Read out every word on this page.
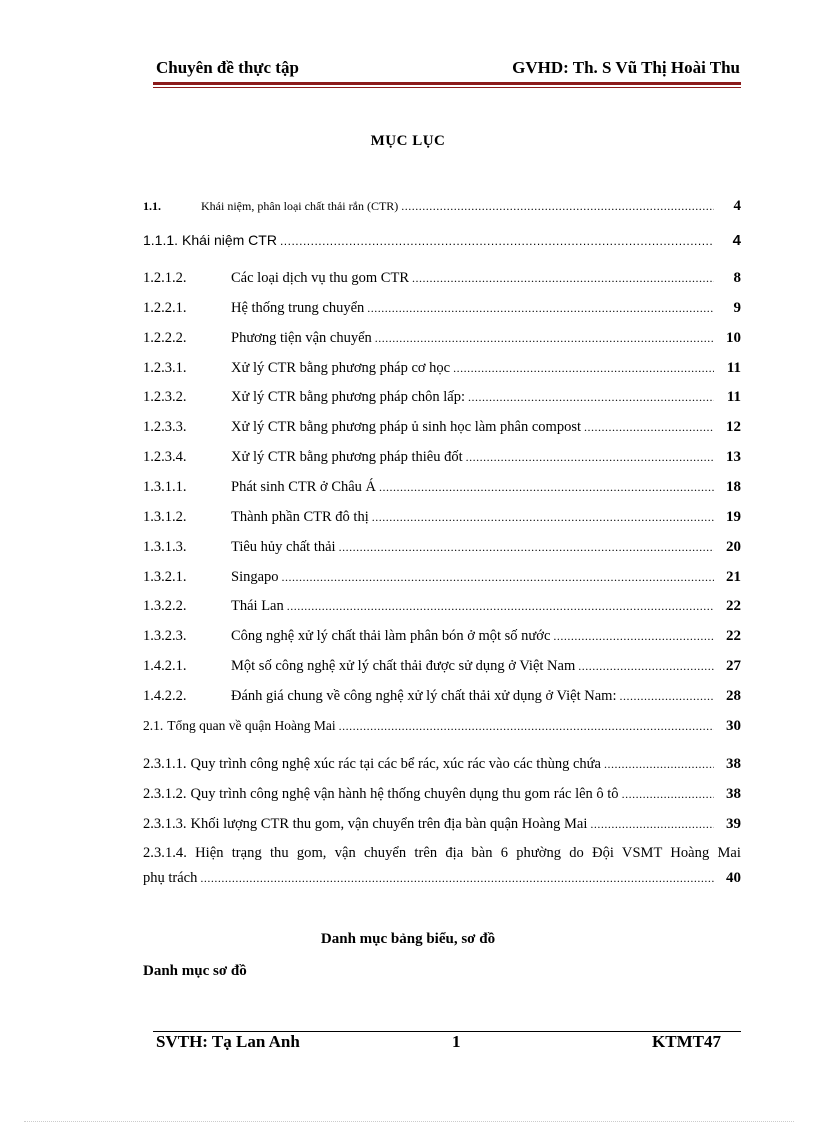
Chuyên đề thực tập	GVHD: Th. S Vũ Thị Hoài Thu
MỤC LỤC
1.1.	Khái niệm, phân loại chất thải rắn (CTR) .....	4
1.1.1. Khái niệm CTR .....	4
1.2.1.2.	Các loại dịch vụ thu gom CTR .....	8
1.2.2.1.	Hệ thống trung chuyển .....	9
1.2.2.2.	Phương tiện vận chuyển .....	10
1.2.3.1.	Xử lý CTR bằng phương pháp cơ học .....	11
1.2.3.2.	Xử lý CTR bằng phương pháp chôn lấp: .....	11
1.2.3.3.	Xử lý CTR bằng phương pháp ủ sinh học làm phân compost .....	12
1.2.3.4.	Xử lý CTR bằng phương pháp thiêu đốt .....	13
1.3.1.1.	Phát sinh CTR ở Châu Á .....	18
1.3.1.2.	Thành phần CTR đô thị .....	19
1.3.1.3.	Tiêu hủy chất thải .....	20
1.3.2.1.	Singapo .....	21
1.3.2.2.	Thái Lan .....	22
1.3.2.3.	Công nghệ xử lý chất thải làm phân bón ở một số nước .....	22
1.4.2.1.	Một số công nghệ xử lý chất thải được sử dụng ở Việt Nam .....	27
1.4.2.2.	Đánh giá chung về công nghệ xử lý chất thải xử dụng ở Việt Nam: .....	28
2.1. Tổng quan về quận Hoàng Mai .....	30
2.3.1.1. Quy trình công nghệ xúc rác tại các bể rác, xúc rác vào các thùng chứa .....	38
2.3.1.2. Quy trình công nghệ vận hành hệ thống chuyên dụng thu gom rác lên ô tô .....	38
2.3.1.3. Khối lượng CTR thu gom, vận chuyển trên địa bàn quận Hoàng Mai .....	39
2.3.1.4. Hiện trạng thu gom, vận chuyển trên địa bàn 6 phường do Đội VSMT Hoàng Mai
phụ trách .....	40
Danh mục bảng biểu, sơ đồ
Danh mục sơ đồ
SVTH: Tạ Lan Anh	1	KTMT47
